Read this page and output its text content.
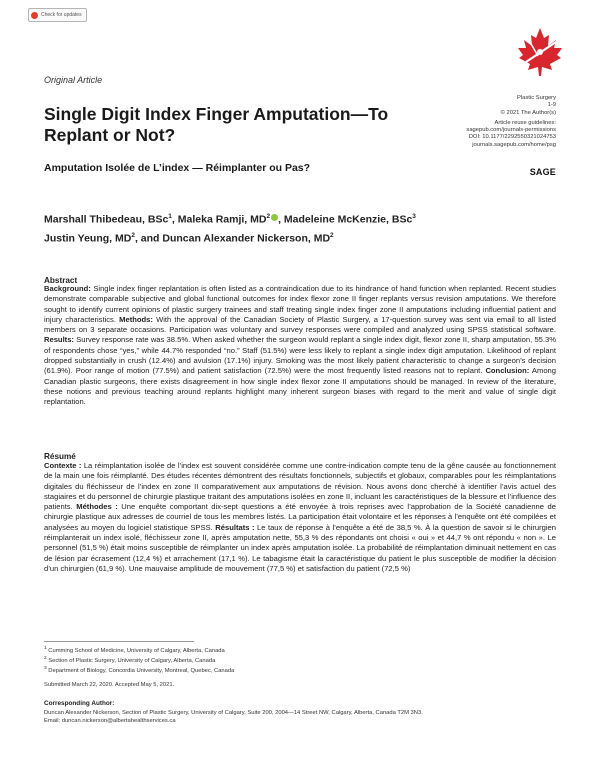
Check for updates
Original Article
Plastic Surgery
1-9
© 2021 The Author(s)
Article reuse guidelines:
sagepub.com/journals-permissions
DOI: 10.1177/2292550321024753
journals.sagepub.com/home/psg
SAGE
Single Digit Index Finger Amputation—To Replant or Not?
Amputation Isolée de L’index — Réimplanter ou Pas?
Marshall Thibedeau, BSc$^1$, Maleka Ramji, $MD^2$ , Madeleine McKenzie, BSc$^3$
Justin Yeung, $MD^2$, and Duncan Alexander Nickerson, $MD^2$
Abstract
Background: Single index finger replantation is often listed as a contraindication due to its hindrance of hand function when replanted. Recent studies demonstrate comparable subjective and global functional outcomes for index flexor zone II finger replants versus revision amputations. We therefore sought to identify current opinions of plastic surgery trainees and staff treating single index finger zone II amputations including influential patient and injury characteristics. Methods: With the approval of the Canadian Society of Plastic Surgery, a 17-question survey was sent via email to all listed members on 3 separate occasions. Participation was voluntary and survey responses were compiled and analyzed using SPSS statistical software. Results: Survey response rate was 38.5%. When asked whether the surgeon would replant a single index digit, flexor zone II, sharp amputation, 55.3% of respondents chose “yes,” while 44.7% responded “no.” Staff (51.5%) were less likely to replant a single index digit amputation. Likelihood of replant dropped substantially in crush (12.4%) and avulsion (17.1%) injury. Smoking was the most likely patient characteristic to change a surgeon’s decision (61.9%). Poor range of motion (77.5%) and patient satisfaction (72.5%) were the most frequently listed reasons not to replant. Conclusion: Among Canadian plastic surgeons, there exists disagreement in how single index flexor zone II amputations should be managed. In review of the literature, these notions and previous teaching around replants highlight many inherent surgeon biases with regard to the merit and value of single digit replantation.
Résumé
Contexte : La réimplantation isolée de l’index est souvent considérée comme une contre-indication compte tenu de la gêne causée au fonctionnement de la main une fois réimplanté. Des études récentes démontrent des résultats fonctionnels, subjectifs et globaux, comparables pour les réimplantations digitales du fléchisseur de l’index en zone II comparativement aux amputations de révision. Nous avons donc cherché à identifier l’avis actuel des stagiaires et du personnel de chirurgie plastique traitant des amputations isolées en zone II, incluant les caractéristiques de la blessure et l’influence des patients. Méthodes : Une enquête comportant dix-sept questions a été envoyée à trois reprises avec l’approbation de la Société canadienne de chirurgie plastique aux adresses de courriel de tous les membres listés. La participation était volontaire et les réponses à l’enquête ont été compilées et analysées au moyen du logiciel statistique SPSS. Résultats : Le taux de réponse à l’enquête a été de 38,5 %. À la question de savoir si le chirurgien réimplanterait un index isolé, fléchisseur zone II, après amputation nette, 55,3 % des répondants ont choisi « oui » et 44,7 % ont répondu « non ». Le personnel (51,5 %) était moins susceptible de réimplanter un index après amputation isolée. La probabilité de réimplantation diminuait nettement en cas de lésion par écrasement (12,4 %) et arrachement (17,1 %). Le tabagisme était la caractéristique du patient le plus susceptible de modifier la décision d’un chirurgien (61,9 %). Une mauvaise amplitude de mouvement (77,5 %) et satisfaction du patient (72,5 %)
$^1$ Cumming School of Medicine, University of Calgary, Alberta, Canada
$^2$ Section of Plastic Surgery, University of Calgary, Alberta, Canada
$^3$ Department of Biology, Concordia University, Montreal, Quebec, Canada
Submitted March 22, 2020. Accepted May 5, 2021.
Corresponding Author:
Duncan Alexander Nickerson, Section of Plastic Surgery, University of Calgary, Suite 200, 2004—14 Street NW, Calgary, Alberta, Canada T2M 3N3.
Email: duncan.nickerson@albertahealthservices.ca
